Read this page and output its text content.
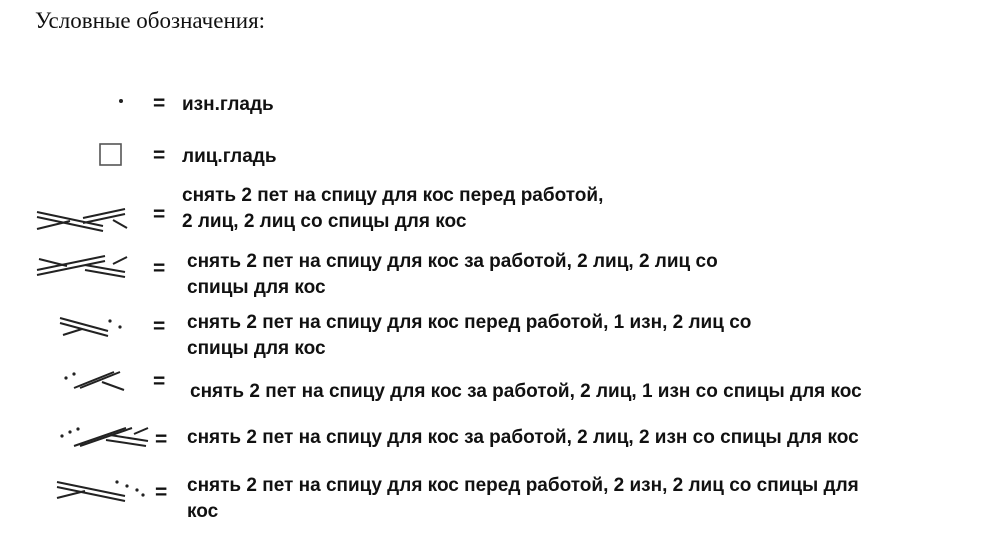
Условные обозначения:
= изн.гладь
= лиц.гладь
=
снять 2 пет на спицу для кос перед работой,
2 лиц, 2 лиц со спицы для кос
= снять 2 пет на спицу для кос за работой, 2 лиц, 2 лиц со
спицы для кос
= снять 2 пет на спицу для кос перед работой, 1 изн, 2 лиц со
спицы для кос
= снять 2 пет на спицу для кос за работой, 2 лиц, 1 изн со спицы для кос
= снять 2 пет на спицу для кос за работой, 2 лиц, 2 изн со спицы для кос
= снять 2 пет на спицу для кос перед работой, 2 изн, 2 лиц со спицы для
кос
